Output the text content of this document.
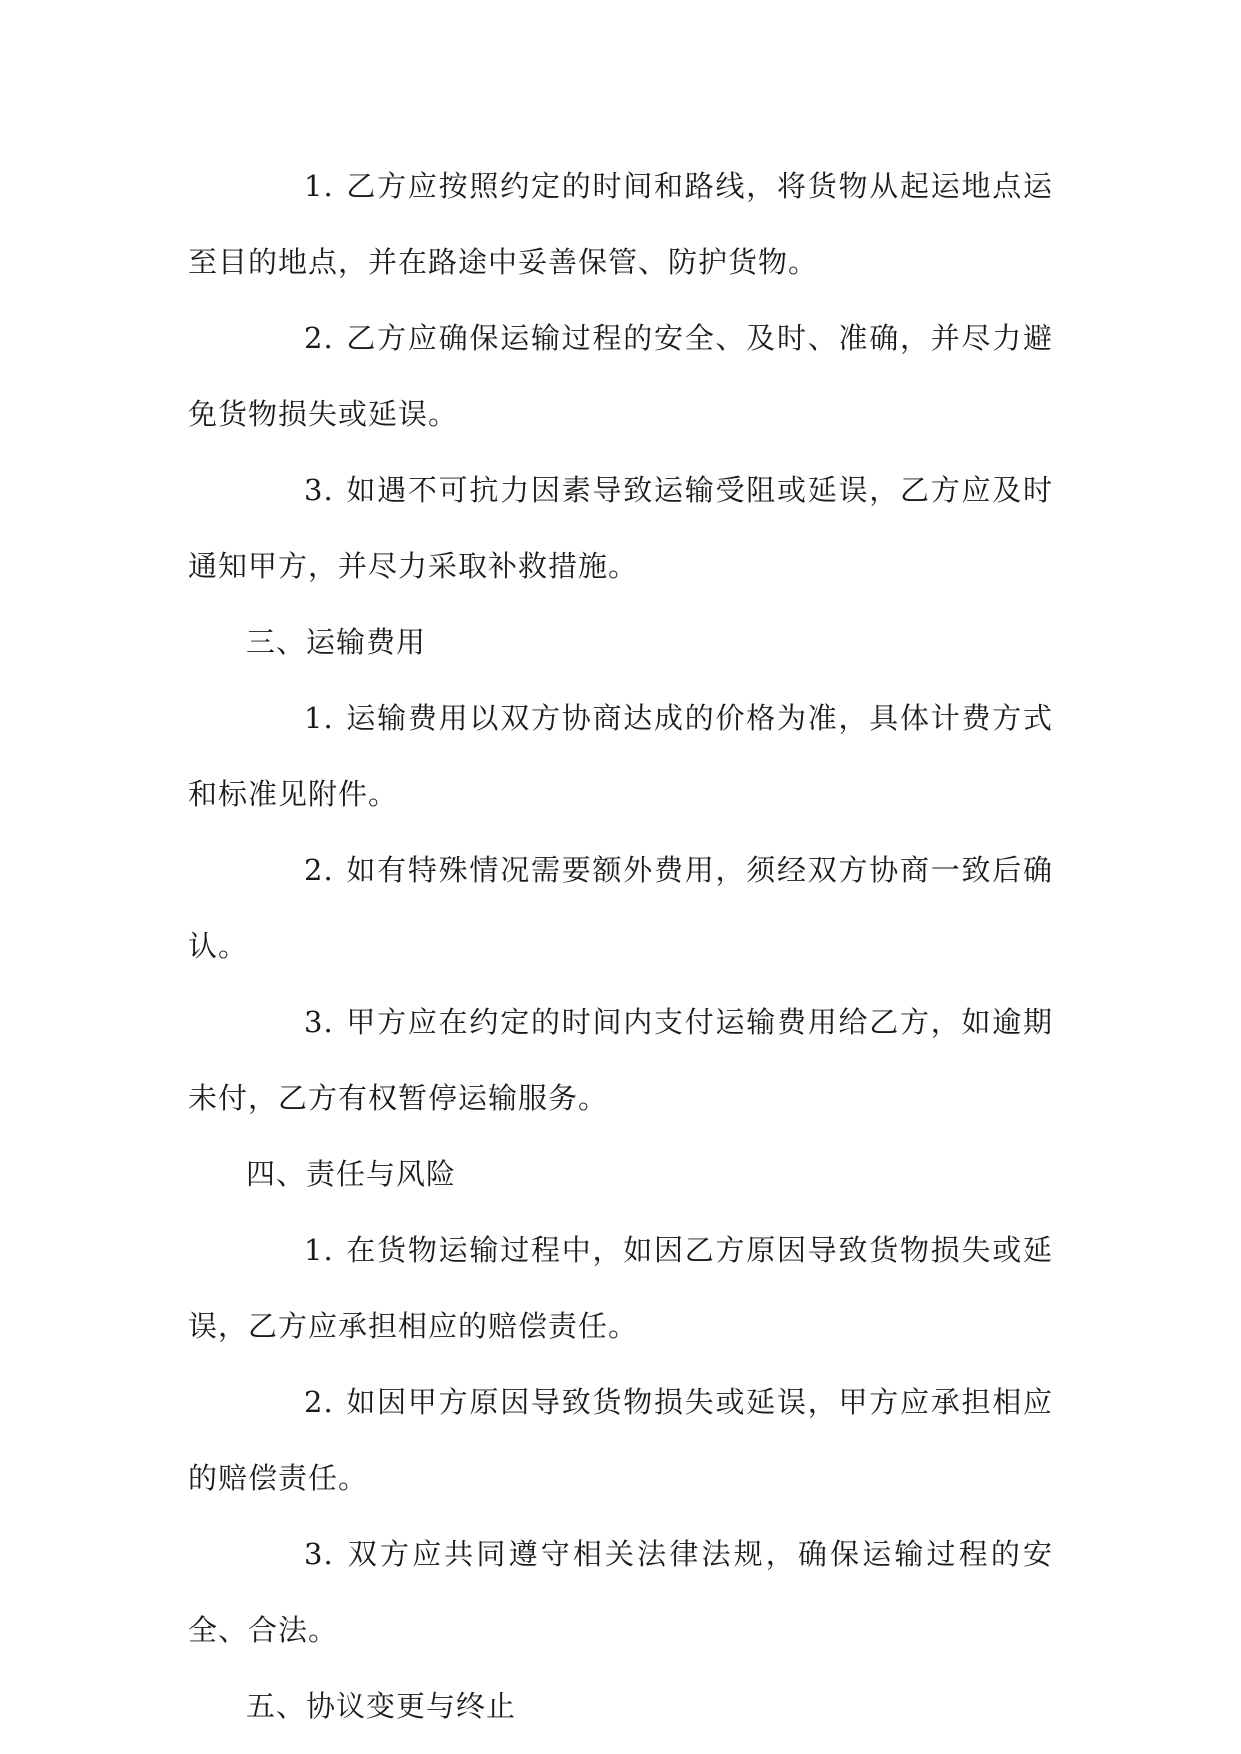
1. 乙方应按照约定的时间和路线，将货物从起运地点运至目的地点，并在路途中妥善保管、防护货物。

2. 乙方应确保运输过程的安全、及时、准确，并尽力避免货物损失或延误。

3. 如遇不可抗力因素导致运输受阻或延误，乙方应及时通知甲方，并尽力采取补救措施。

三、运输费用

1. 运输费用以双方协商达成的价格为准，具体计费方式和标准见附件。

2. 如有特殊情况需要额外费用，须经双方协商一致后确认。

3. 甲方应在约定的时间内支付运输费用给乙方，如逾期未付，乙方有权暂停运输服务。

四、责任与风险

1. 在货物运输过程中，如因乙方原因导致货物损失或延误，乙方应承担相应的赔偿责任。

2. 如因甲方原因导致货物损失或延误，甲方应承担相应的赔偿责任。

3. 双方应共同遵守相关法律法规，确保运输过程的安全、合法。

五、协议变更与终止
